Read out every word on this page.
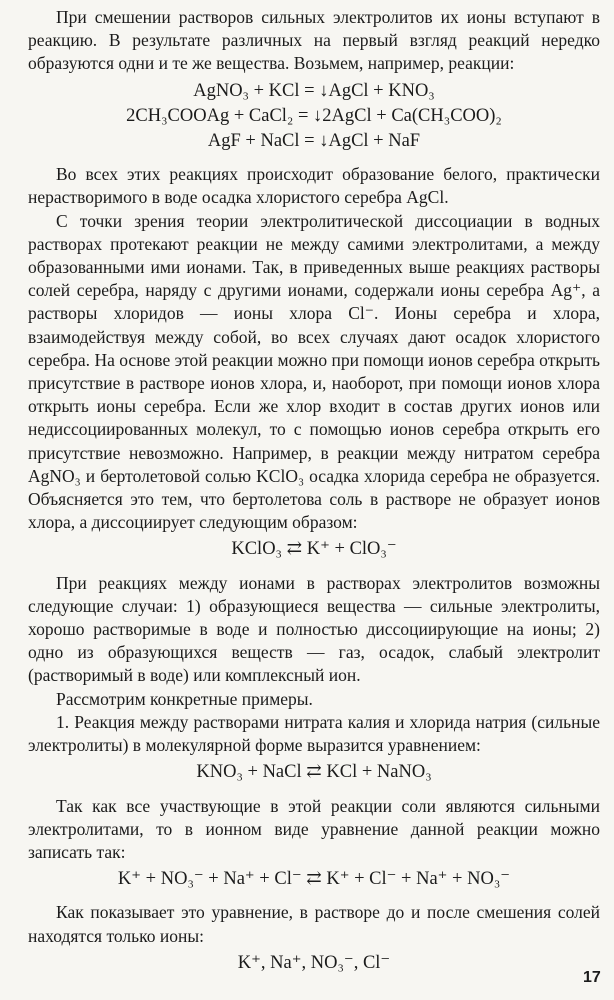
При смешении растворов сильных электролитов их ионы вступают в реакцию. В результате различных на первый взгляд реакций нередко образуются одни и те же вещества. Возьмем, например, реакции:

AgNO₃ + KCl = ↓AgCl + KNO₃
2CH₃COOAg + CaCl₂ = ↓2AgCl + Ca(CH₃COO)₂
AgF + NaCl = ↓AgCl + NaF

Во всех этих реакциях происходит образование белого, практически нерастворимого в воде осадка хлористого серебра AgCl.

С точки зрения теории электролитической диссоциации в водных растворах протекают реакции не между самими электролитами, а между образованными ими ионами. Так, в приведенных выше реакциях растворы солей серебра, наряду с другими ионами, содержали ионы серебра Ag⁺, а растворы хлоридов — ионы хлора Cl⁻. Ионы серебра и хлора, взаимодействуя между собой, во всех случаях дают осадок хлористого серебра. На основе этой реакции можно при помощи ионов серебра открыть присутствие в растворе ионов хлора, и, наоборот, при помощи ионов хлора открыть ионы серебра. Если же хлор входит в состав других ионов или недиссоциированных молекул, то с помощью ионов серебра открыть его присутствие невозможно. Например, в реакции между нитратом серебра AgNO₃ и бертолетовой солью KClO₃ осадка хлорида серебра не образуется. Объясняется это тем, что бертолетова соль в растворе не образует ионов хлора, а диссоциирует следующим образом:

KClO₃ ⇄ K⁺ + ClO₃⁻

При реакциях между ионами в растворах электролитов возможны следующие случаи: 1) образующиеся вещества — сильные электролиты, хорошо растворимые в воде и полностью диссоциирующие на ионы; 2) одно из образующихся веществ — газ, осадок, слабый электролит (растворимый в воде) или комплексный ион.

Рассмотрим конкретные примеры.

1. Реакция между растворами нитрата калия и хлорида натрия (сильные электролиты) в молекулярной форме выразится уравнением:

KNO₃ + NaCl ⇄ KCl + NaNO₃

Так как все участвующие в этой реакции соли являются сильными электролитами, то в ионном виде уравнение данной реакции можно записать так:

K⁺ + NO₃⁻ + Na⁺ + Cl⁻ ⇄ K⁺ + Cl⁻ + Na⁺ + NO₃⁻

Как показывает это уравнение, в растворе до и после смешения солей находятся только ионы:

K⁺, Na⁺, NO₃⁻, Cl⁻
17
